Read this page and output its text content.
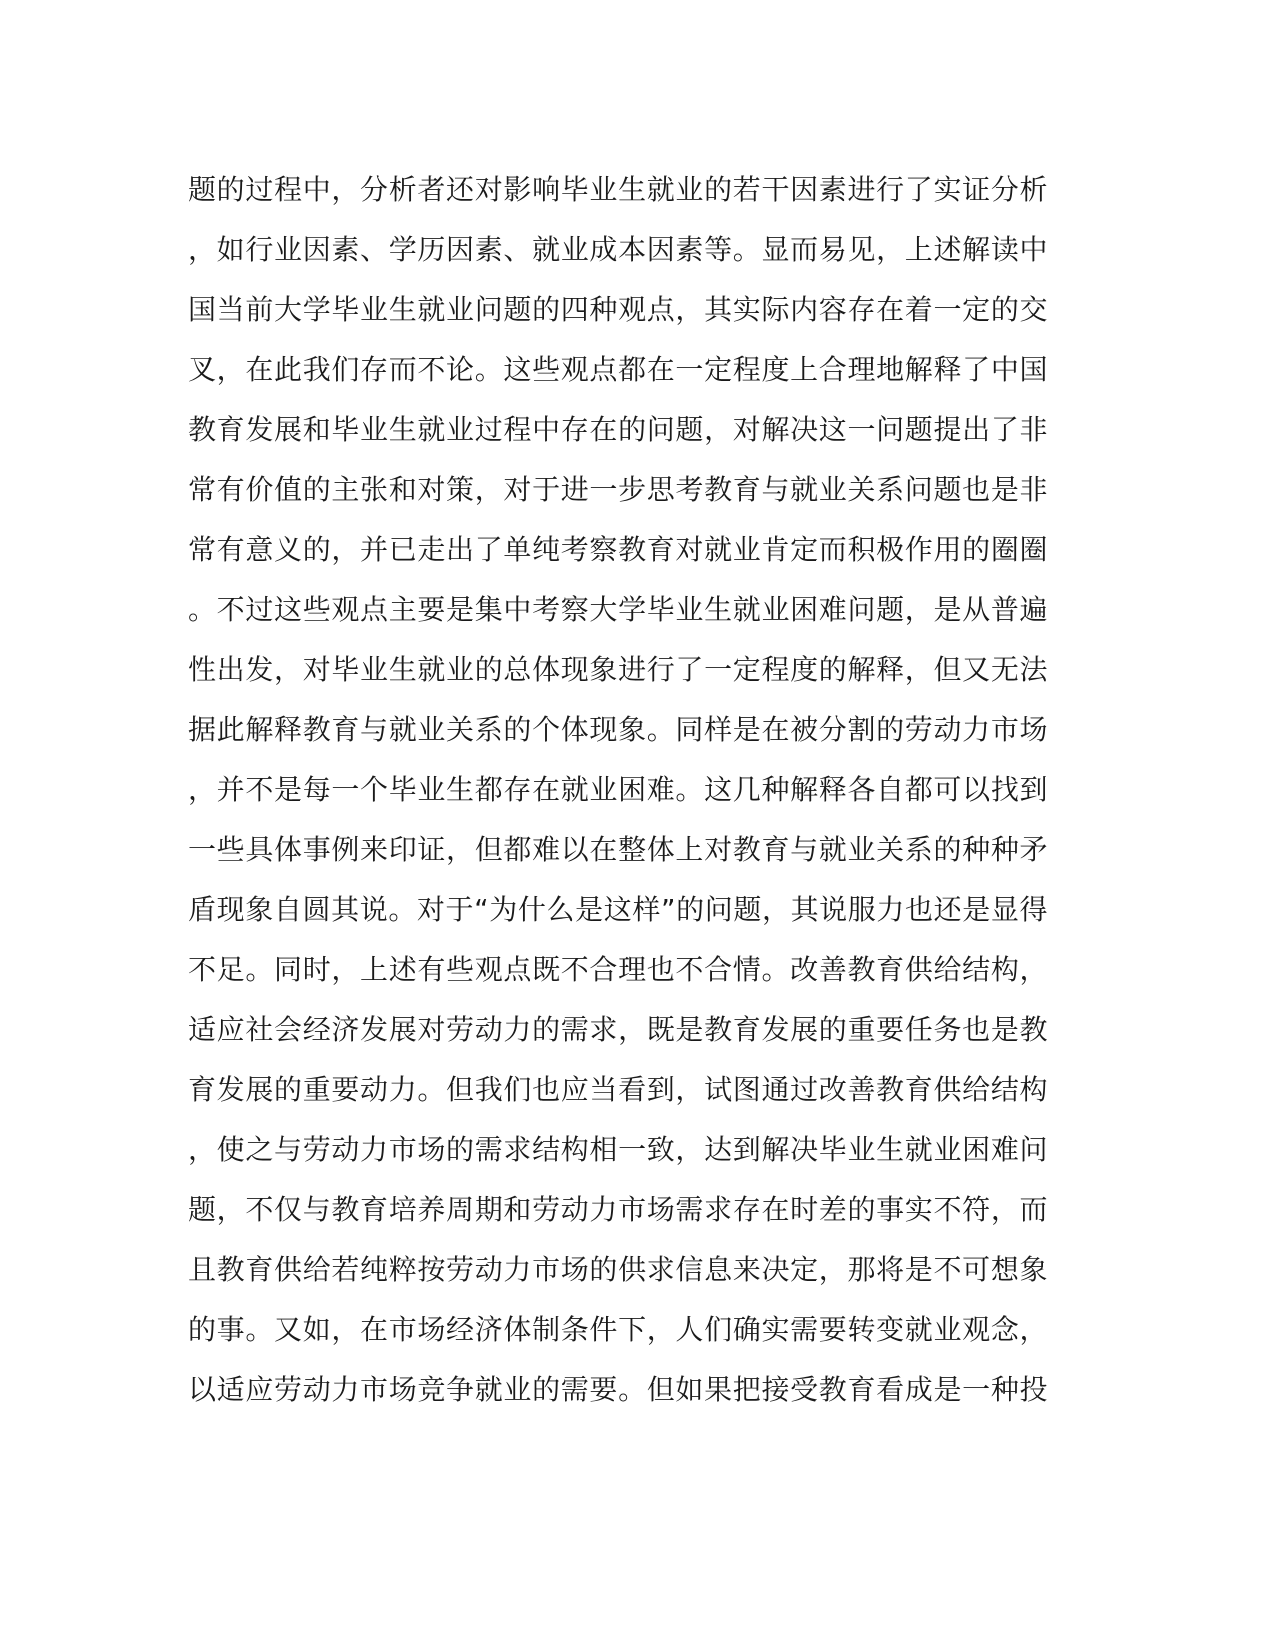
题的过程中，分析者还对影响毕业生就业的若干因素进行了实证分析
，如行业因素、学历因素、就业成本因素等。显而易见，上述解读中
国当前大学毕业生就业问题的四种观点，其实际内容存在着一定的交
叉，在此我们存而不论。这些观点都在一定程度上合理地解释了中国
教育发展和毕业生就业过程中存在的问题，对解决这一问题提出了非
常有价值的主张和对策，对于进一步思考教育与就业关系问题也是非
常有意义的，并已走出了单纯考察教育对就业肯定而积极作用的圈圈
。不过这些观点主要是集中考察大学毕业生就业困难问题，是从普遍
性出发，对毕业生就业的总体现象进行了一定程度的解释，但又无法
据此解释教育与就业关系的个体现象。同样是在被分割的劳动力市场
，并不是每一个毕业生都存在就业困难。这几种解释各自都可以找到
一些具体事例来印证，但都难以在整体上对教育与就业关系的种种矛
盾现象自圆其说。对于“为什么是这样”的问题，其说服力也还是显得
不足。同时，上述有些观点既不合理也不合情。改善教育供给结构，
适应社会经济发展对劳动力的需求，既是教育发展的重要任务也是教
育发展的重要动力。但我们也应当看到，试图通过改善教育供给结构
，使之与劳动力市场的需求结构相一致，达到解决毕业生就业困难问
题，不仅与教育培养周期和劳动力市场需求存在时差的事实不符，而
且教育供给若纯粹按劳动力市场的供求信息来决定，那将是不可想象
的事。又如，在市场经济体制条件下，人们确实需要转变就业观念，
以适应劳动力市场竞争就业的需要。但如果把接受教育看成是一种投
